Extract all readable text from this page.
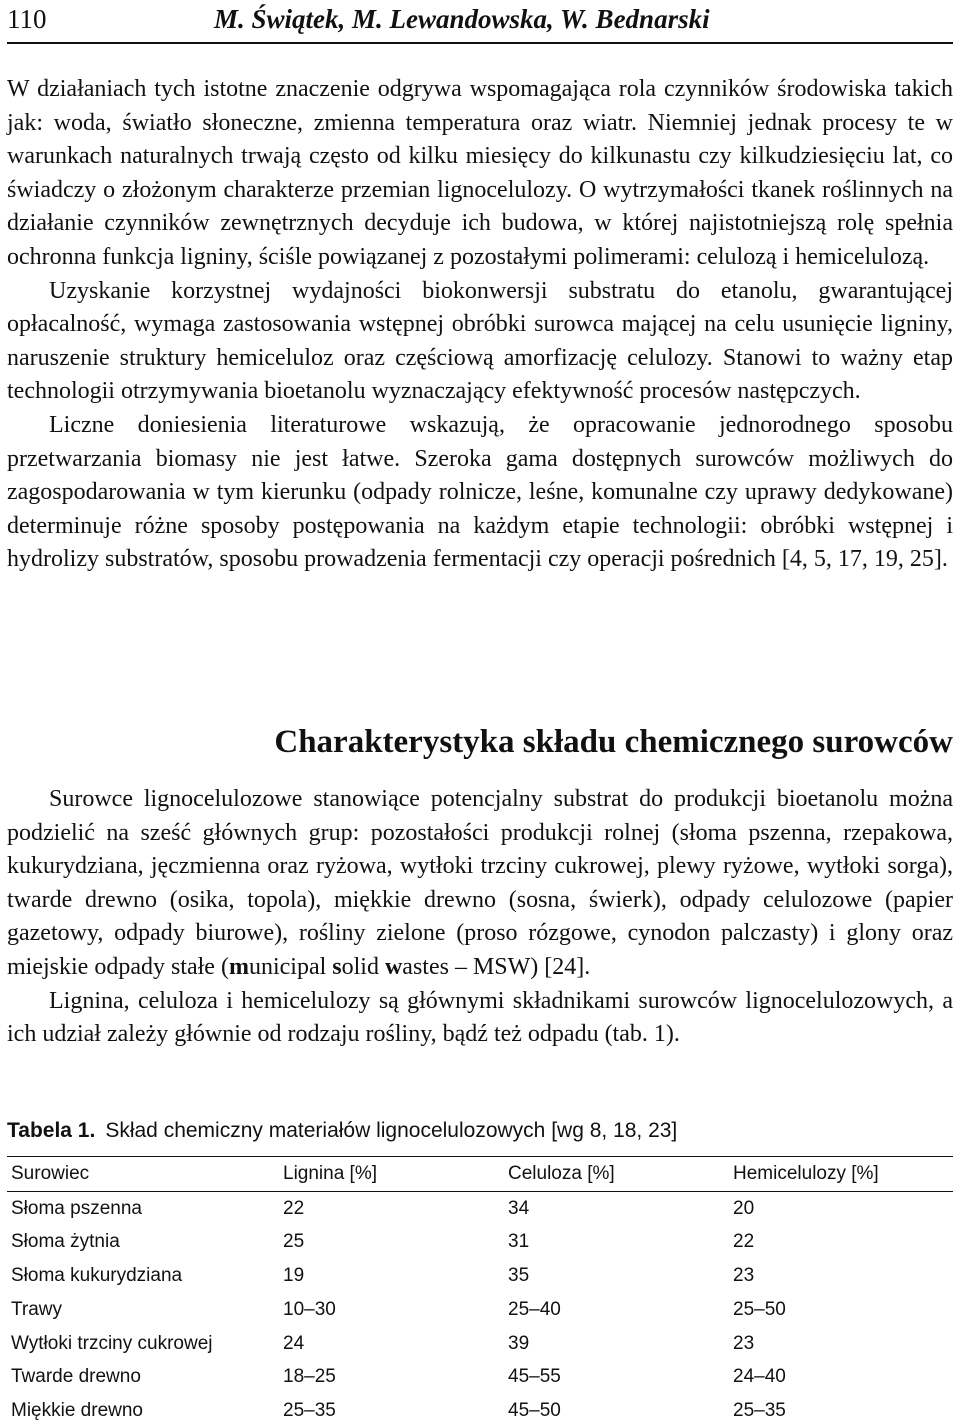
110	M. Świątek, M. Lewandowska, W. Bednarski

W działaniach tych istotne znaczenie odgrywa wspomagająca rola czynników środowiska takich jak: woda, światło słoneczne, zmienna temperatura oraz wiatr. Niemniej jednak procesy te w warunkach naturalnych trwają często od kilku miesięcy do kilkunastu czy kilkudziesięciu lat, co świadczy o złożonym charakterze przemian lignocelulozy. O wytrzymałości tkanek roślinnych na działanie czynników zewnętrznych decyduje ich budowa, w której najistotniejszą rolę spełnia ochronna funkcja ligniny, ściśle powiązanej z pozostałymi polimerami: celulozą i hemicelulozą.

Uzyskanie korzystnej wydajności biokonwersji substratu do etanolu, gwarantującej opłacalność, wymaga zastosowania wstępnej obróbki surowca mającej na celu usunięcie ligniny, naruszenie struktury hemiceluloz oraz częściową amorfizację celulozy. Stanowi to ważny etap technologii otrzymywania bioetanolu wyznaczający efektywność procesów następczych.

Liczne doniesienia literaturowe wskazują, że opracowanie jednorodnego sposobu przetwarzania biomasy nie jest łatwe. Szeroka gama dostępnych surowców możliwych do zagospodarowania w tym kierunku (odpady rolnicze, leśne, komunalne czy uprawy dedykowane) determinuje różne sposoby postępowania na każdym etapie technologii: obróbki wstępnej i hydrolizy substratów, sposobu prowadzenia fermentacji czy operacji pośrednich [4, 5, 17, 19, 25].

Charakterystyka składu chemicznego surowców

Surowce lignocelulozowe stanowiące potencjalny substrat do produkcji bioetanolu można podzielić na sześć głównych grup: pozostałości produkcji rolnej (słoma pszenna, rzepakowa, kukurydziana, jęczmienna oraz ryżowa, wytłoki trzciny cukrowej, plewy ryżowe, wytłoki sorga), twarde drewno (osika, topola), miękkie drewno (sosna, świerk), odpady celulozowe (papier gazetowy, odpady biurowe), rośliny zielone (proso rózgowe, cynodon palczasty) i glony oraz miejskie odpady stałe (municipal solid wastes – MSW) [24].

Lignina, celuloza i hemicelulozy są głównymi składnikami surowców lignocelulozowych, a ich udział zależy głównie od rodzaju rośliny, bądź też odpadu (tab. 1).

Tabela 1. Skład chemiczny materiałów lignocelulozowych [wg 8, 18, 23]
Surowiec	Lignina [%]	Celuloza [%]	Hemicelulozy [%]
Słoma pszenna	22	34	20
Słoma żytnia	25	31	22
Słoma kukurydziana	19	35	23
Trawy	10–30	25–40	25–50
Wytłoki trzciny cukrowej	24	39	23
Twarde drewno	18–25	45–55	24–40
Miękkie drewno	25–35	45–50	25–35
